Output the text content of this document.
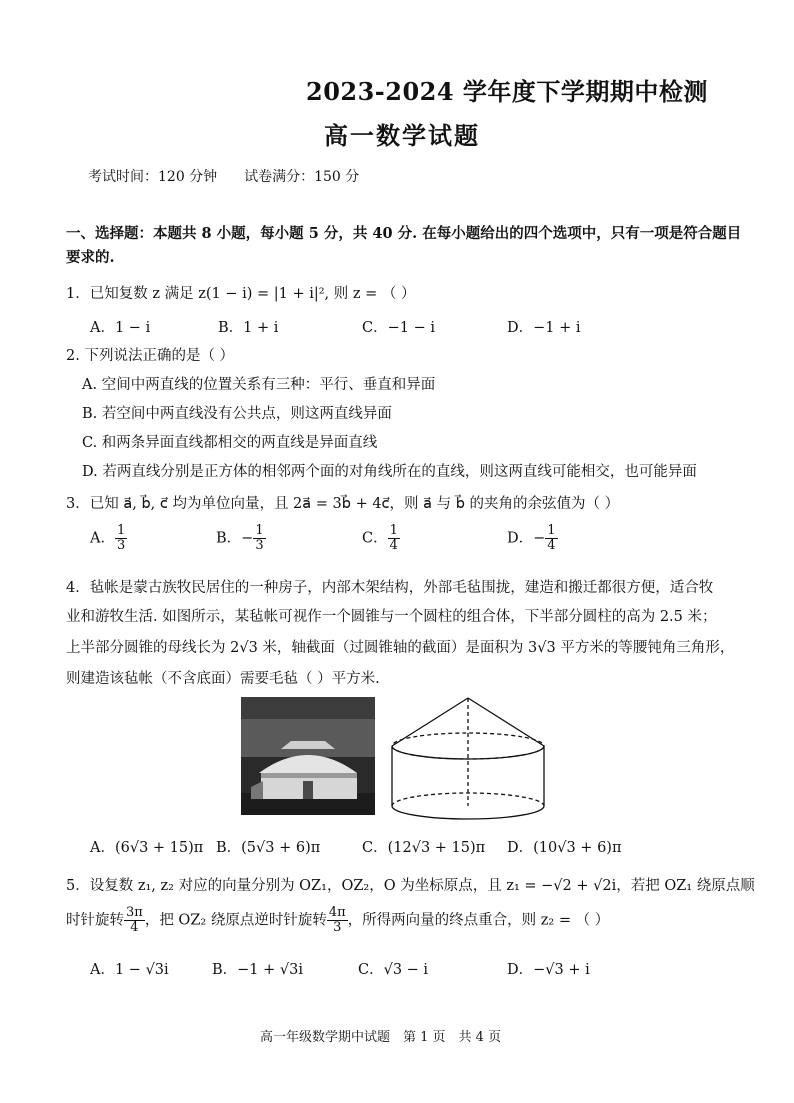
2023-2024 学年度下学期期中检测
高一数学试题
考试时间：120 分钟 试卷满分：150 分
一、选择题：本题共 8 小题，每小题 5 分，共 40 分. 在每小题给出的四个选项中，只有一项是符合题目
要求的.
1．已知复数 z 满足 z(1 − i) = |1 + i|², 则 z = （ ）
A．1 − i	B．1 + i	C．−1 − i	D．−1 + i
2. 下列说法正确的是（ ）
A. 空间中两直线的位置关系有三种：平行、垂直和异面
B. 若空间中两直线没有公共点，则这两直线异面
C. 和两条异面直线都相交的两直线是异面直线
D. 若两直线分别是正方体的相邻两个面的对角线所在的直线，则这两直线可能相交，也可能异面
3．已知 a⃗, b⃗, c⃗ 均为单位向量，且 2a⃗ = 3b⃗ + 4c⃗，则 a⃗ 与 b⃗ 的夹角的余弦值为（ ）
A． $\frac{1}{3}$	B．− $\frac{1}{3}$	C． $\frac{1}{4}$	D．− $\frac{1}{4}$
4．毡帐是蒙古族牧民居住的一种房子，内部木架结构，外部毛毡围拢，建造和搬迁都很方便，适合牧
业和游牧生活. 如图所示，某毡帐可视作一个圆锥与一个圆柱的组合体，下半部分圆柱的高为 2.5 米；
上半部分圆锥的母线长为 2√3 米，轴截面（过圆锥轴的截面）是面积为 3√3 平方米的等腰钝角三角形，
则建造该毡帐（不含底面）需要毛毡（ ）平方米.
A．(6√3 + 15)π B．(5√3 + 6)π	C．(12√3 + 15)π D．(10√3 + 6)π
5．设复数 z₁, z₂ 对应的向量分别为 OZ₁，OZ₂，O 为坐标原点，且 z₁ = −√2 + √2i，若把 OZ₁ 绕原点顺
时针旋转 $\frac{3\pi}{4}$ ，把 OZ₂ 绕原点逆时针旋转 $\frac{4\pi}{3}$ ，所得两向量的终点重合，则 z₂ = （ ）
A．1 − √3i	B．−1 + √3i	C．√3 − i	D．−√3 + i
高一年级数学期中试题　第 1 页　共 4 页
